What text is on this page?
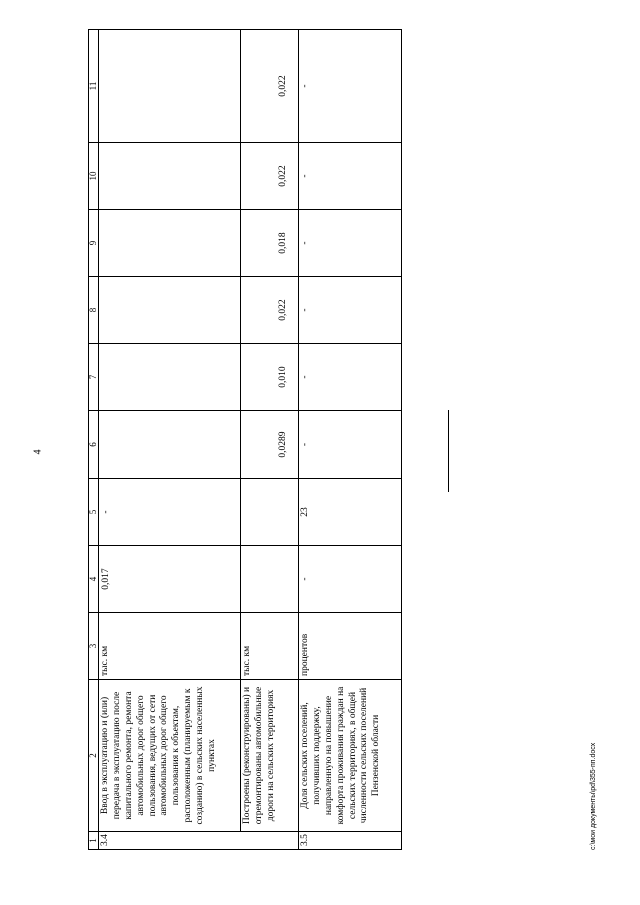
4
1	2	3	4	5	6	7	8	9	10	11
3.4	Ввод в эксплуатацию и (или) передача в эксплуатацию после капитального ремонта, ремонта автомобильных дорог общего пользования, ведущих от сети автомобильных дорог общего пользования к объектам, расположенным (планируемым к созданию) в сельских населенных пунктах	тыс. км	0,017	-						
	Построены (реконструированы) и отремонтированы автомобильные дороги на сельских территориях	тыс. км			0,0289	0,010	0,022	0,018	0,022	0,022
3.5	Доля сельских поселений, получивших поддержку, направленную на повышение комфорта проживания граждан на сельских территориях, в общей численности сельских поселений Пензенской области	процентов	-	23	-	-	-	-	-	-
c:\мои документы\pd\355-пп.docx
